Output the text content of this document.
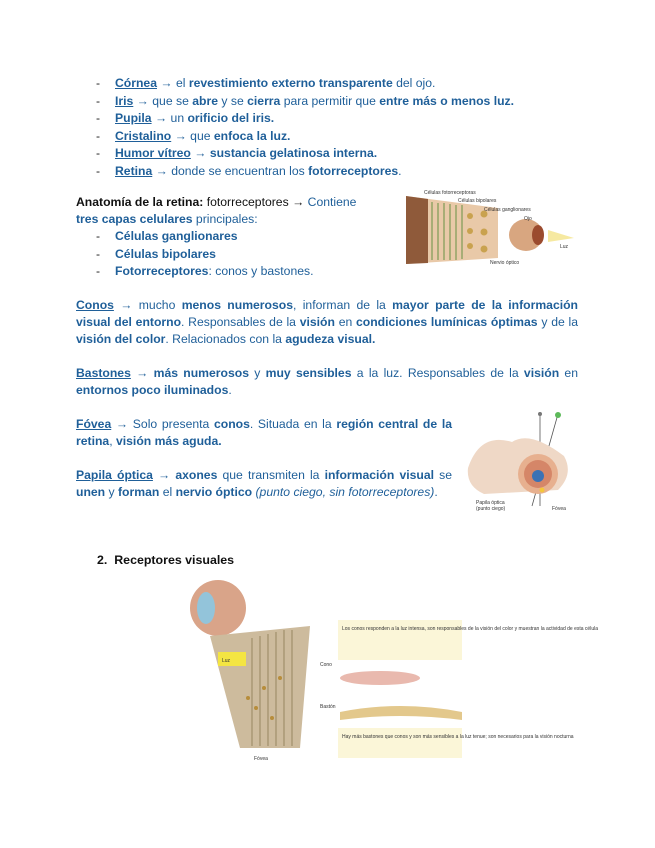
- Córnea → el revestimiento externo transparente del ojo.
- Iris → que se abre y se cierra para permitir que entre más o menos luz.
- Pupila → un orificio del iris.
- Cristalino → que enfoca la luz.
- Humor vítreo → sustancia gelatinosa interna.
- Retina → donde se encuentran los fotorreceptores.
Anatomía de la retina: fotorreceptores → Contiene
tres capas celulares principales:
- Células ganglionares
- Células bipolares
- Fotorreceptores: conos y bastones.
Células fotorreceptoras
Células bipolares
Células ganglionares
Ojo
Luz
Nervio óptico
Conos → mucho menos numerosos, informan de la mayor parte de la información visual del entorno. Responsables de la visión en condiciones lumínicas óptimas y de la visión del color. Relacionados con la agudeza visual.
Bastones → más numerosos y muy sensibles a la luz. Responsables de la visión en entornos poco iluminados.
Fóvea → Solo presenta conos. Situada en la región central de la retina, visión más aguda.
Papila óptica → axones que transmiten la información visual se unen y forman el nervio óptico (punto ciego, sin fotorreceptores).
Papila óptica
(punto ciego)	Fóvea
2. Receptores visuales
Luz
Los conos responden a la luz intensa, son responsables de la visión del color y muestran la actividad de esta célula
Cono
Bastón
Hay más bastones que conos y son más sensibles a la luz tenue; son necesarios para la visión nocturna
Fóvea
